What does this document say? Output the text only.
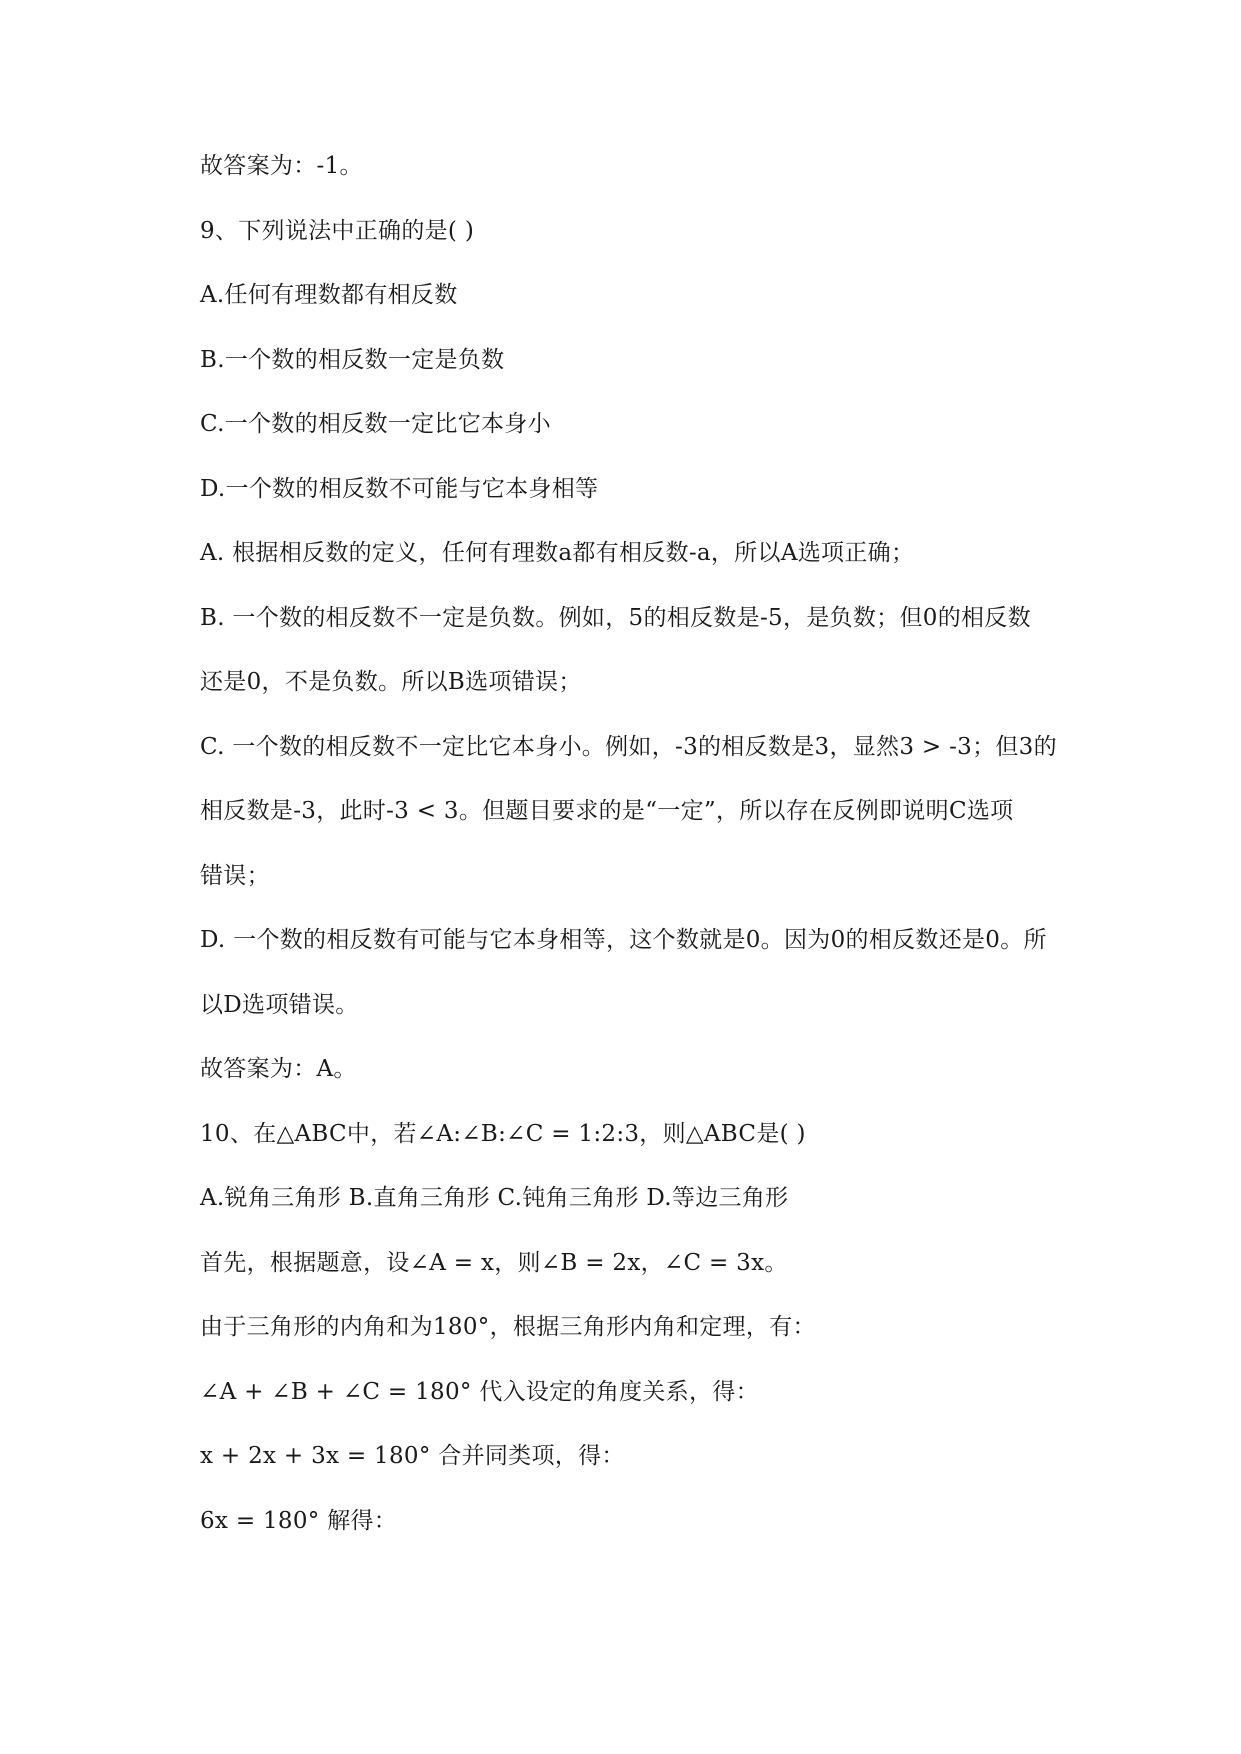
故答案为：-1。
9、下列说法中正确的是( )
A.任何有理数都有相反数
B.一个数的相反数一定是负数
C.一个数的相反数一定比它本身小
D.一个数的相反数不可能与它本身相等
A. 根据相反数的定义，任何有理数a都有相反数-a，所以A选项正确；
B. 一个数的相反数不一定是负数。例如，5的相反数是-5，是负数；但0的相反数
还是0，不是负数。所以B选项错误；
C. 一个数的相反数不一定比它本身小。例如，-3的相反数是3，显然3 > -3；但3的
相反数是-3，此时-3 < 3。但题目要求的是“一定”，所以存在反例即说明C选项
错误；
D. 一个数的相反数有可能与它本身相等，这个数就是0。因为0的相反数还是0。所
以D选项错误。
故答案为：A。
10、在△ABC中，若∠A:∠B:∠C = 1:2:3，则△ABC是( )
A.锐角三角形 B.直角三角形 C.钝角三角形 D.等边三角形
首先，根据题意，设∠A = x，则∠B = 2x，∠C = 3x。
由于三角形的内角和为180°，根据三角形内角和定理，有：
∠A + ∠B + ∠C = 180° 代入设定的角度关系，得：
x + 2x + 3x = 180° 合并同类项，得：
6x = 180° 解得：
